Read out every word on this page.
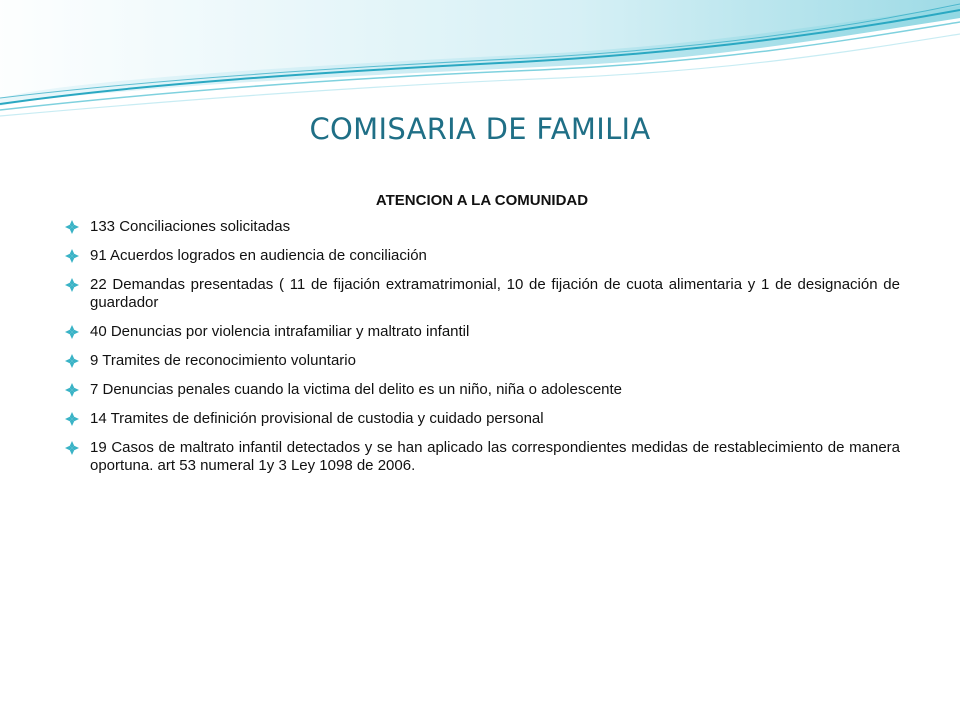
COMISARIA DE FAMILIA
ATENCION A LA COMUNIDAD
133 Conciliaciones solicitadas
91 Acuerdos logrados en audiencia de conciliación
22 Demandas presentadas ( 11 de fijación extramatrimonial, 10 de fijación de cuota alimentaria y 1 de designación de guardador
40 Denuncias por violencia intrafamiliar y maltrato infantil
9 Tramites de reconocimiento voluntario
7 Denuncias penales cuando la victima del delito es un niño, niña o adolescente
14 Tramites de definición provisional de custodia y cuidado personal
19 Casos de maltrato infantil detectados y se han aplicado las correspondientes medidas de restablecimiento de manera oportuna. art 53 numeral 1y 3 Ley 1098 de 2006.
